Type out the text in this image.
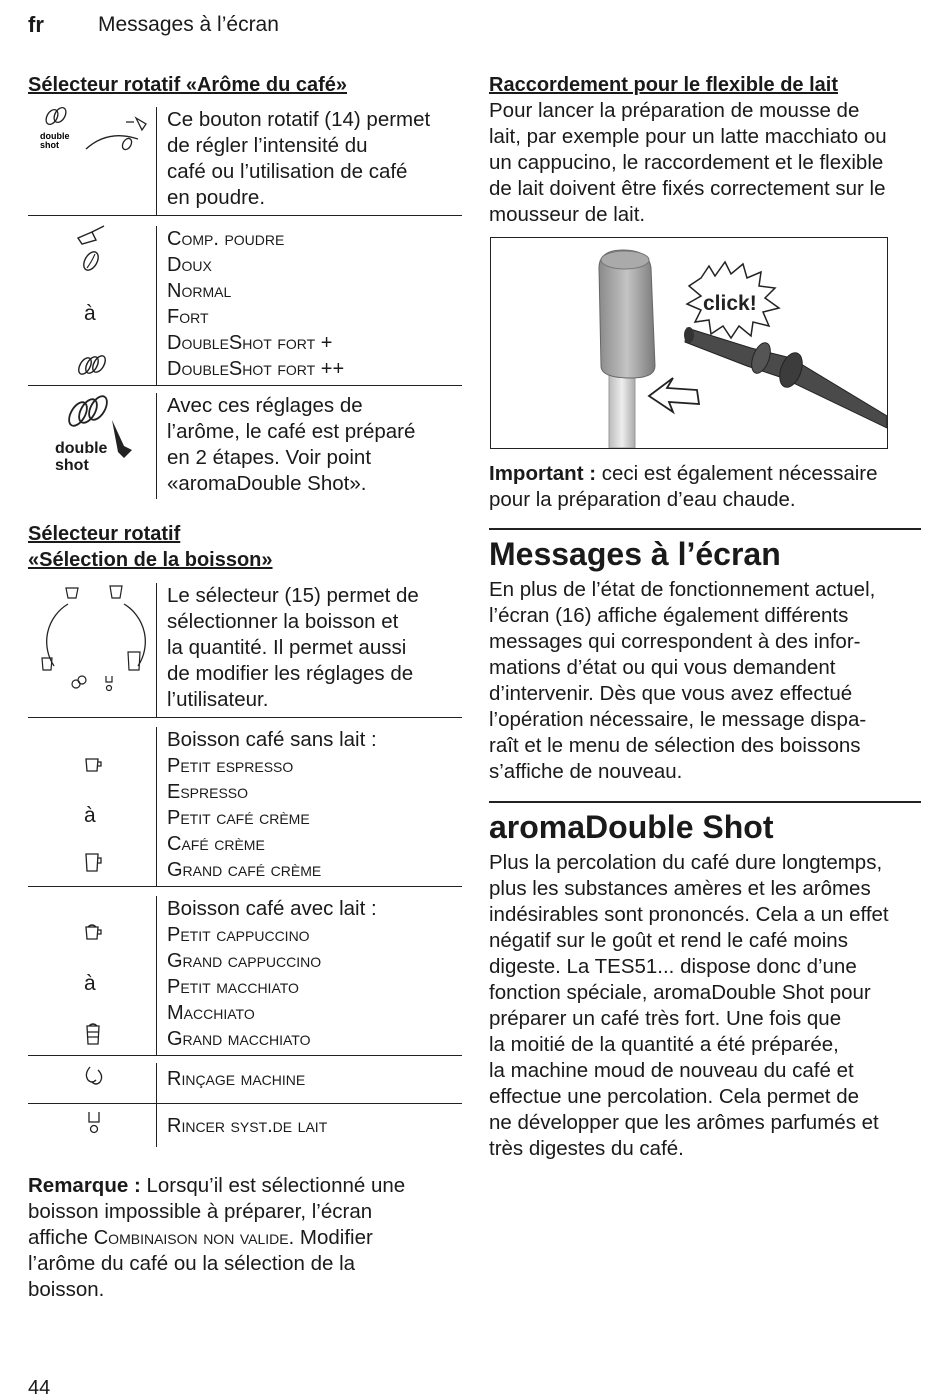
fr	Messages à l’écran
Sélecteur rotatif «Arôme du café»
double
shot
Ce bouton rotatif (14) permet
de régler l’intensité du
café ou l’utilisation de café
en poudre.
à
Comp. poudre
Doux
Normal
Fort
DoubleShot fort +
DoubleShot fort ++
double
shot
Avec ces réglages de
l’arôme, le café est préparé
en 2 étapes. Voir point
«aromaDouble Shot».
Sélecteur rotatif
«Sélection de la boisson»
Le sélecteur (15) permet de
sélectionner la boisson et
la quantité. Il permet aussi
de modifier les réglages de
l’utilisateur.
à
Boisson café sans lait :
Petit espresso
Espresso
Petit café crème
Café crème
Grand café crème
à
Boisson café avec lait :
Petit cappuccino
Grand cappuccino
Petit macchiato
Macchiato
Grand macchiato
Rinçage machine
Rincer syst.de lait
Remarque : Lorsqu’il est sélectionné une
boisson impossible à préparer, l’écran
affiche Combinaison non valide. Modifier
l’arôme du café ou la sélection de la
boisson.
Raccordement pour le flexible de lait
Pour lancer la préparation de mousse de
lait, par exemple pour un latte macchiato ou
un cappucino, le raccordement et le flexible
de lait doivent être fixés correctement sur le
mousseur de lait.
click!
Important : ceci est également nécessaire
pour la préparation d’eau chaude.
Messages à l’écran
En plus de l’état de fonctionnement actuel,
l’écran (16) affiche également différents
messages qui correspondent à des infor-
mations d’état ou qui vous demandent
d’intervenir. Dès que vous avez effectué
l’opération nécessaire, le message dispa-
raît et le menu de sélection des boissons
s’affiche de nouveau.
aromaDouble Shot
Plus la percolation du café dure longtemps,
plus les substances amères et les arômes
indésirables sont prononcés. Cela a un effet
négatif sur le goût et rend le café moins
digeste. La TES51... dispose donc d’une
fonction spéciale, aromaDouble Shot pour
préparer un café très fort. Une fois que
la moitié de la quantité a été préparée,
la machine moud de nouveau du café et
effectue une percolation. Cela permet de
ne développer que les arômes parfumés et
très digestes du café.
44
